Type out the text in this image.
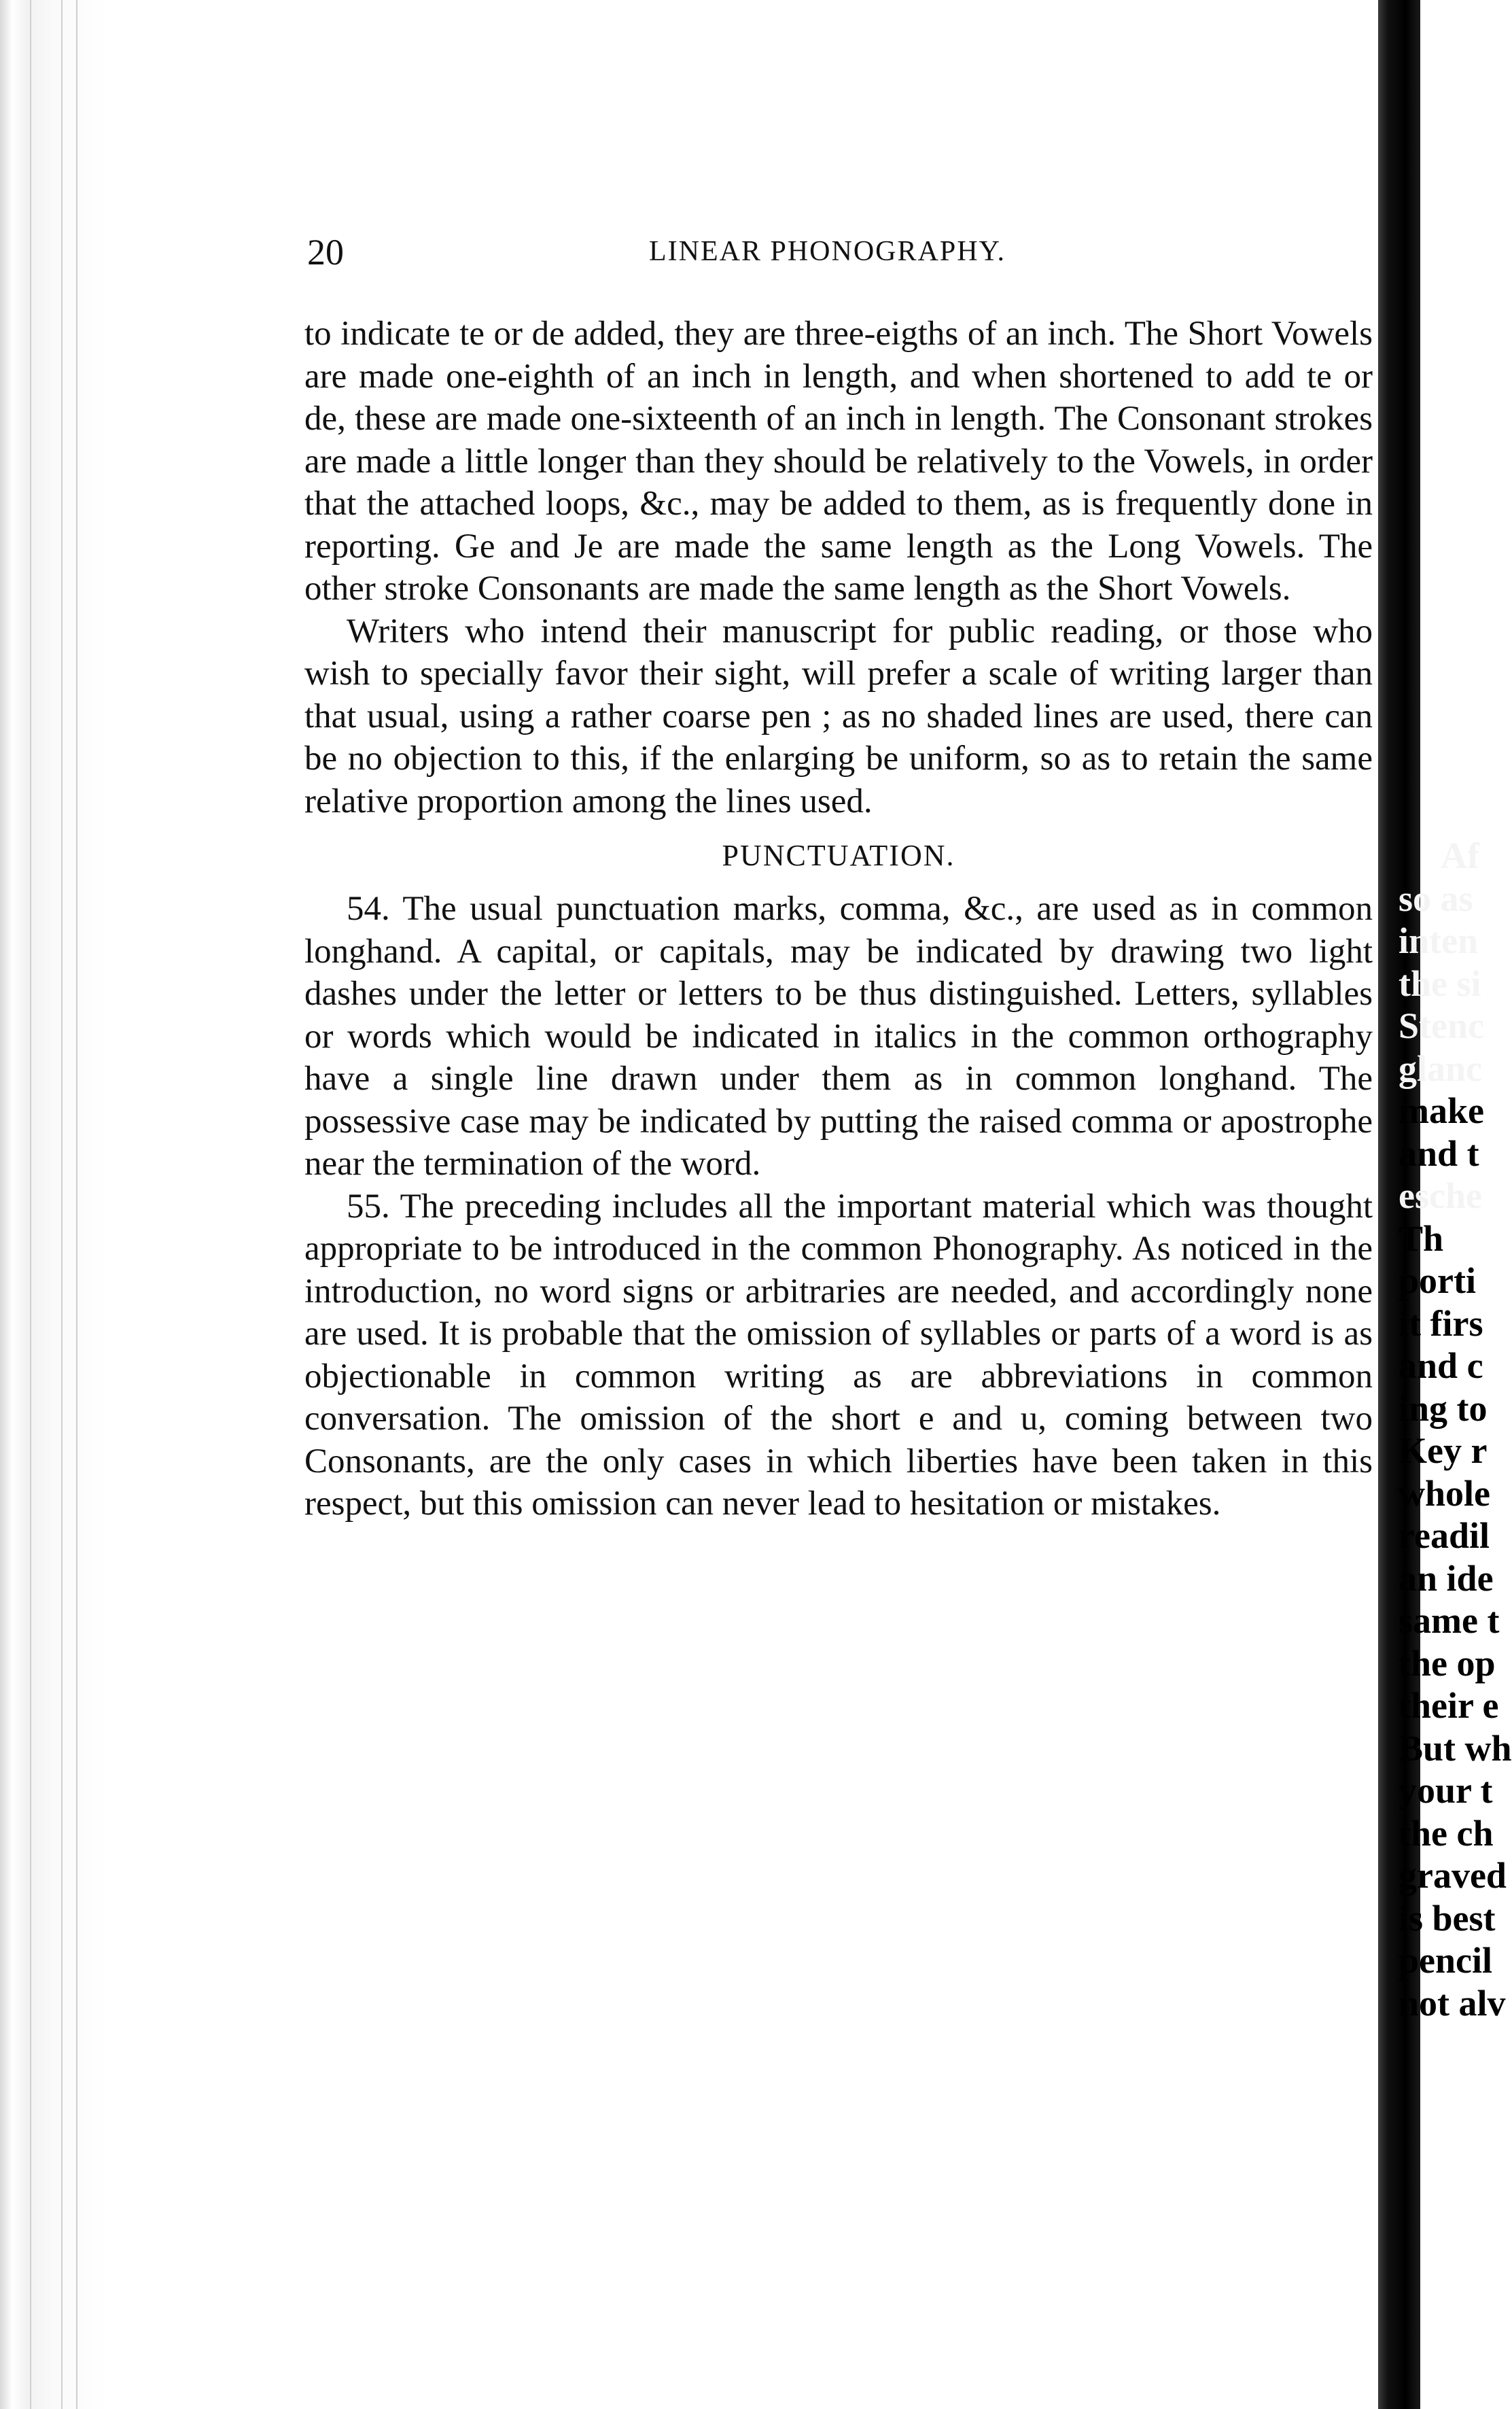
20	LINEAR PHONOGRAPHY.

to indicate te or de added, they are three-eigths of an inch. The Short Vowels are made one-eighth of an inch in length, and when shortened to add te or de, these are made one-sixteenth of an inch in length. The Consonant strokes are made a little longer than they should be relatively to the Vowels, in order that the attached loops, &c., may be added to them, as is frequently done in reporting. Ge and Je are made the same length as the Long Vowels. The other stroke Consonants are made the same length as the Short Vowels.

Writers who intend their manuscript for public reading, or those who wish to specially favor their sight, will prefer a scale of writing larger than that usual, using a rather coarse pen ; as no shaded lines are used, there can be no objection to this, if the enlarging be uniform, so as to retain the same relative proportion among the lines used.

PUNCTUATION.

54. The usual punctuation marks, comma, &c., are used as in common longhand. A capital, or capitals, may be indicated by drawing two light dashes under the letter or letters to be thus distinguished. Letters, syllables or words which would be indicated in italics in the common orthography have a single line drawn under them as in common longhand. The possessive case may be indicated by putting the raised comma or apostrophe near the termination of the word.

55. The preceding includes all the important material which was thought appropriate to be introduced in the common Phonography. As noticed in the introduction, no word signs or arbitraries are needed, and accordingly none are used. It is probable that the omission of syllables or parts of a word is as objectionable in common writing as are abbreviations in common conversation. The omission of the short e and u, coming between two Consonants, are the only cases in which liberties have been taken in this respect, but this omission can never lead to hesitation or mistakes.

Af
so as
inten
the si
Stenc
glanc
make
and t
esche
Th
porti
it firs
and c
ing to
Key r
whole
readil
an ide
same t
the op
their e
But wh
your t
the ch
graved
is best
pencil
not alv
